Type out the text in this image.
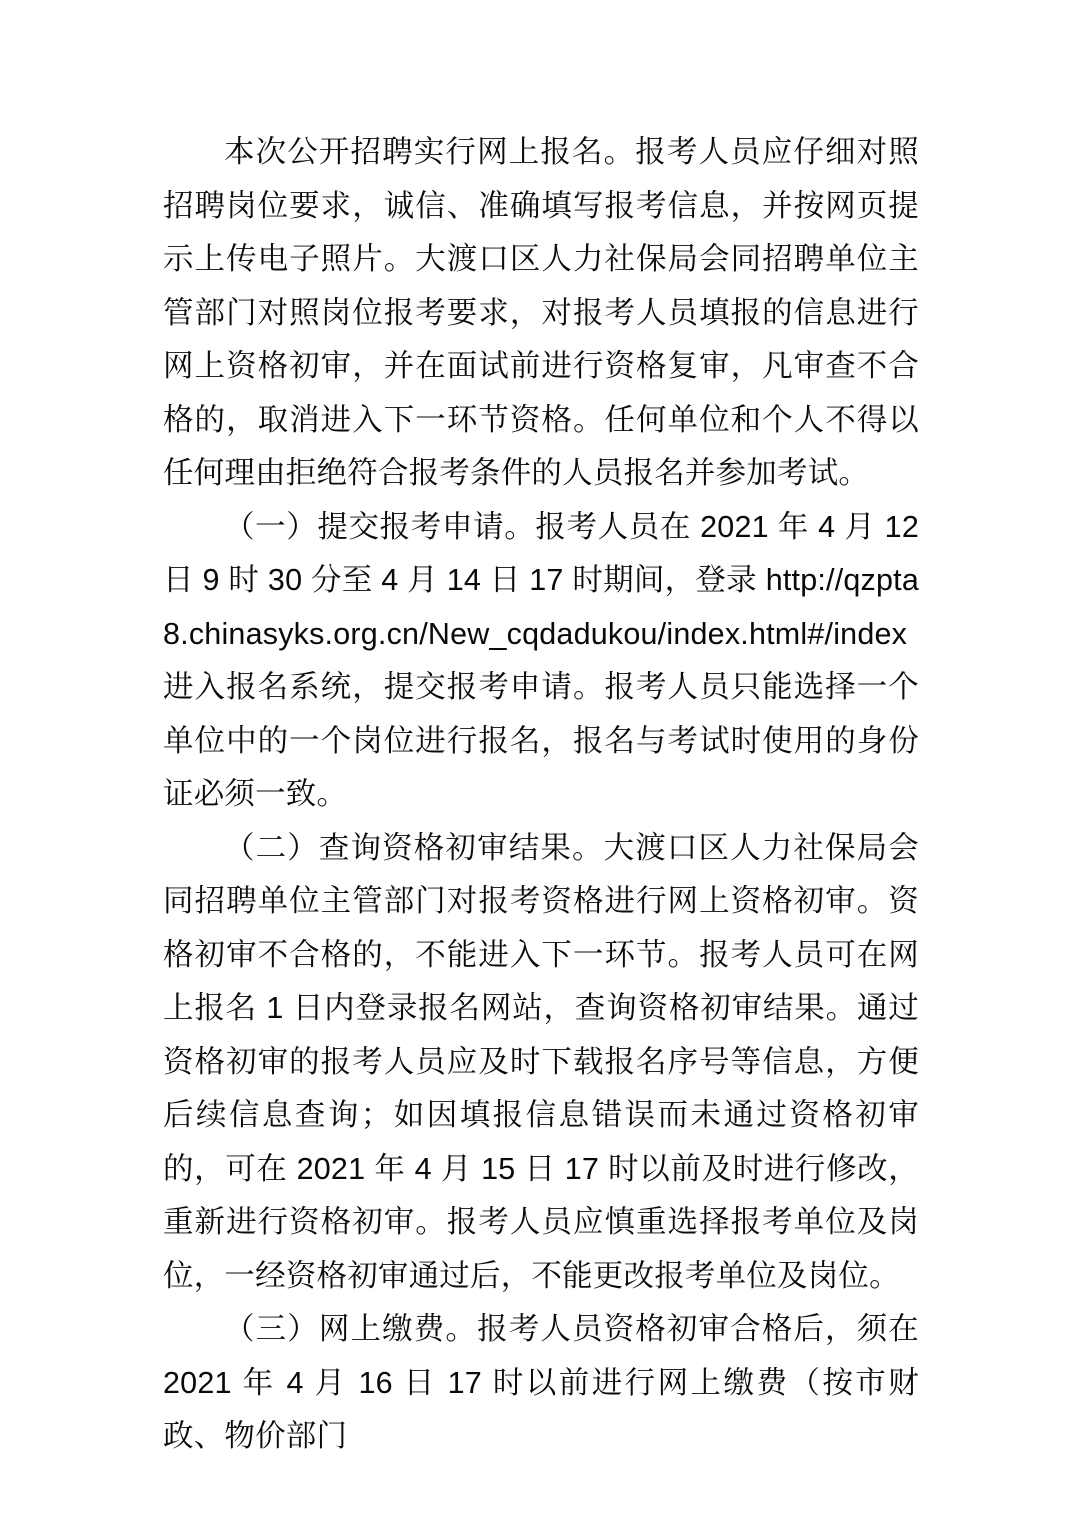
本次公开招聘实行网上报名。报考人员应仔细对照招聘岗位要求，诚信、准确填写报考信息，并按网页提示上传电子照片。大渡口区人力社保局会同招聘单位主管部门对照岗位报考要求，对报考人员填报的信息进行网上资格初审，并在面试前进行资格复审，凡审查不合格的，取消进入下一环节资格。任何单位和个人不得以任何理由拒绝符合报考条件的人员报名并参加考试。

（一）提交报考申请。报考人员在 2021 年 4 月 12 日 9 时 30 分至 4 月 14 日 17 时期间，登录 http://qzpta8.chinasyks.org.cn/New_cqdadukou/index.html#/index 进入报名系统，提交报考申请。报考人员只能选择一个单位中的一个岗位进行报名，报名与考试时使用的身份证必须一致。

（二）查询资格初审结果。大渡口区人力社保局会同招聘单位主管部门对报考资格进行网上资格初审。资格初审不合格的，不能进入下一环节。报考人员可在网上报名 1 日内登录报名网站，查询资格初审结果。通过资格初审的报考人员应及时下载报名序号等信息，方便后续信息查询；如因填报信息错误而未通过资格初审的，可在 2021 年 4 月 15 日 17 时以前及时进行修改，重新进行资格初审。报考人员应慎重选择报考单位及岗位，一经资格初审通过后，不能更改报考单位及岗位。

（三）网上缴费。报考人员资格初审合格后，须在 2021 年 4 月 16 日 17 时以前进行网上缴费（按市财政、物价部门
